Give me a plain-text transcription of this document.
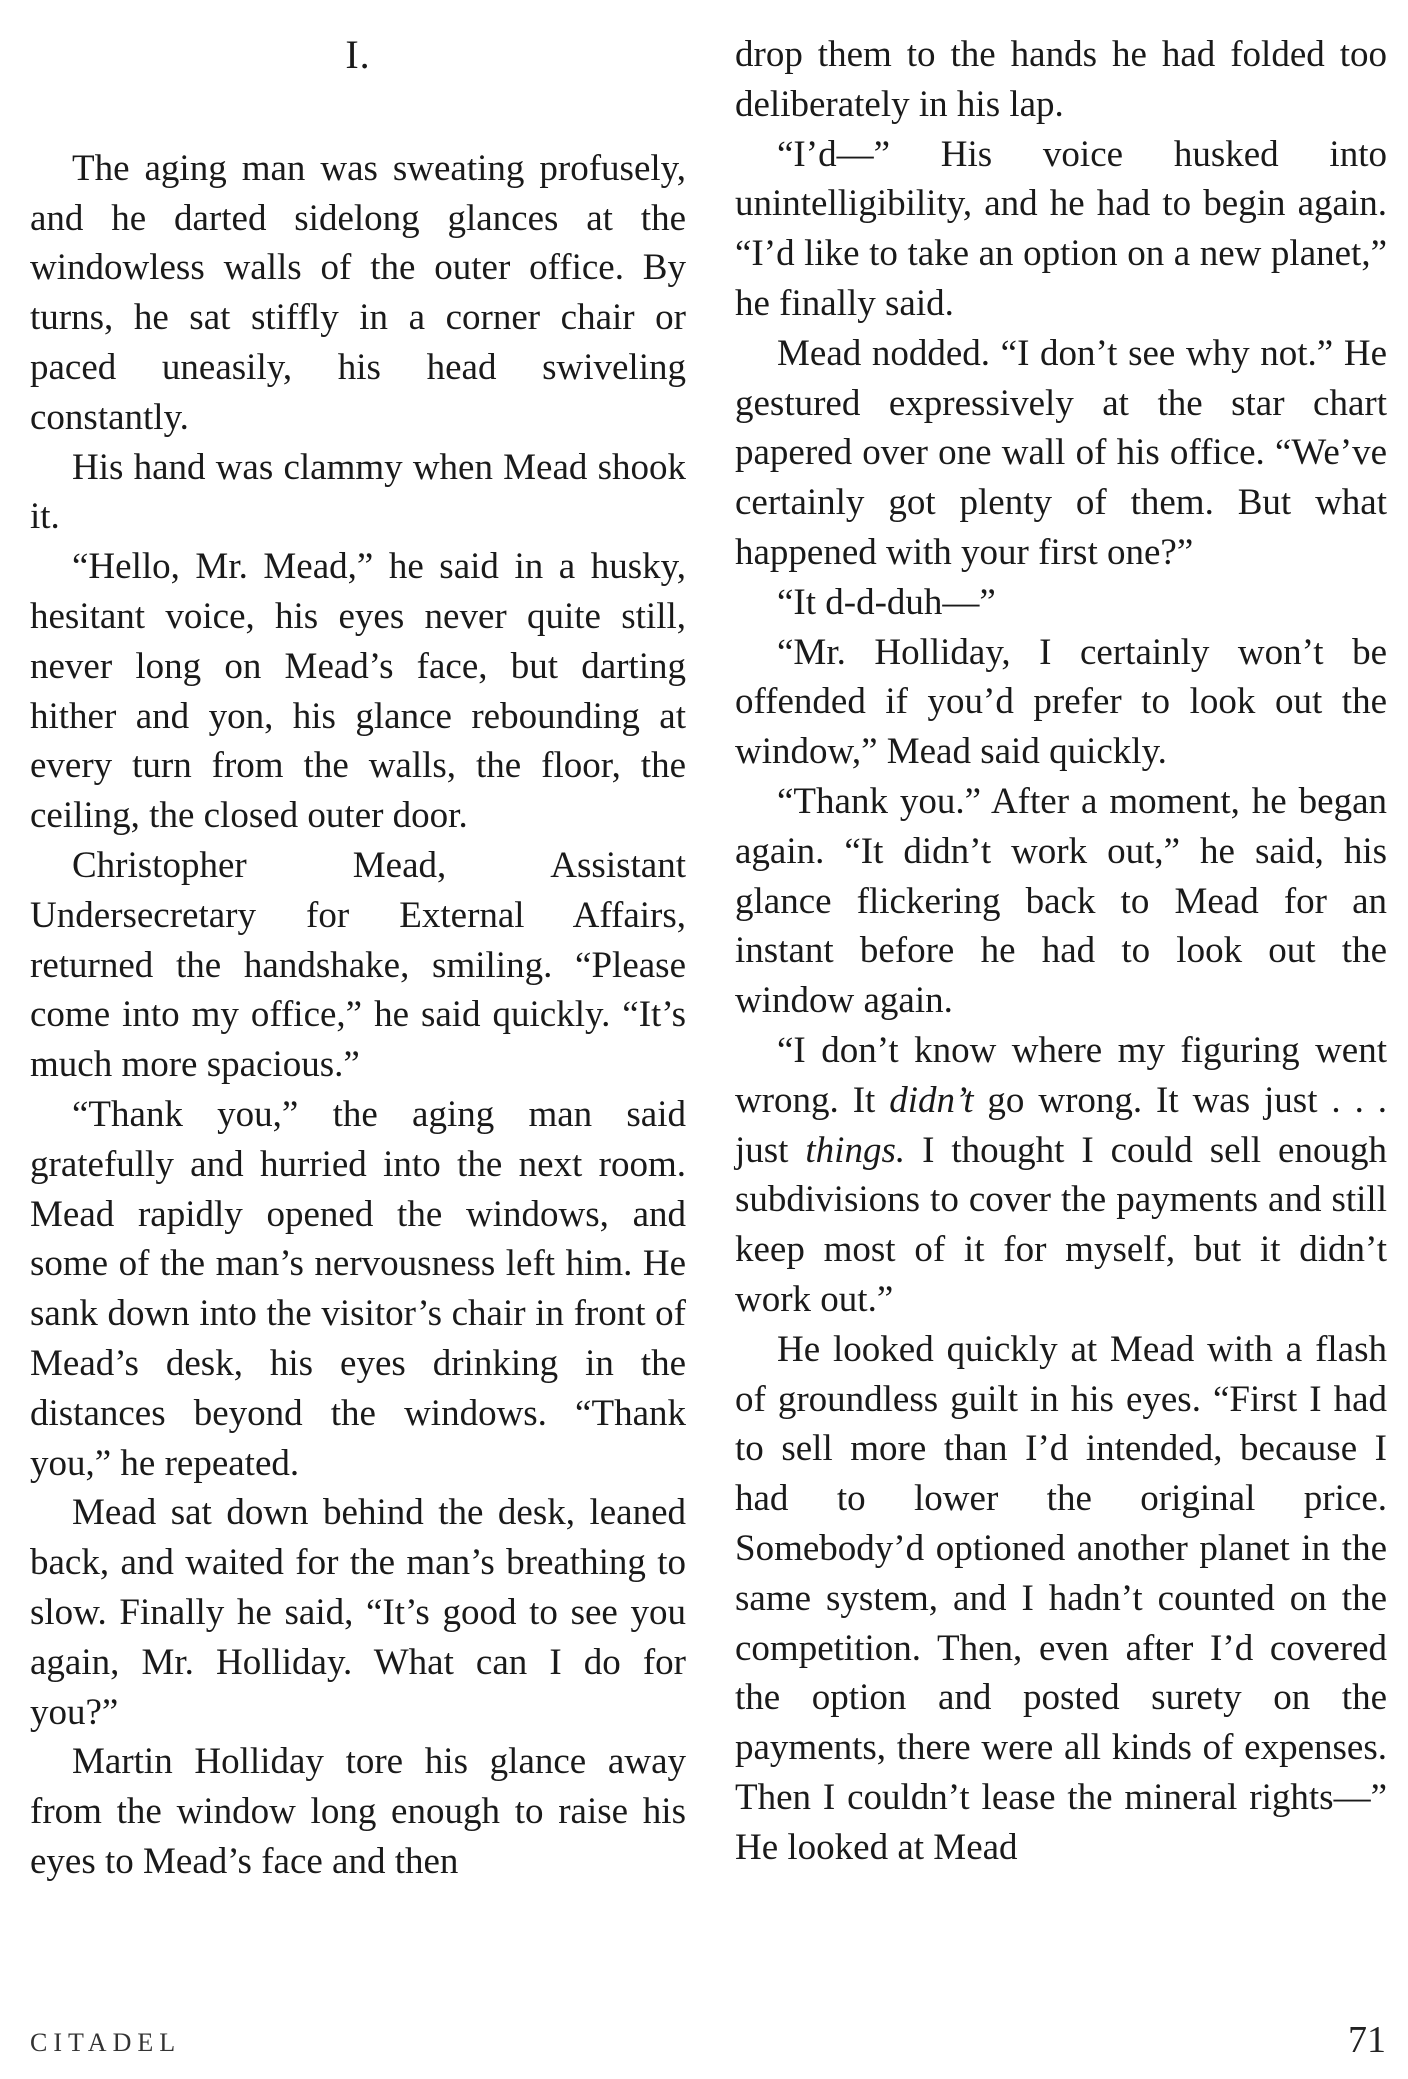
I.

The aging man was sweating profusely, and he darted sidelong glances at the windowless walls of the outer office. By turns, he sat stiffly in a corner chair or paced uneasily, his head swiveling constantly.

His hand was clammy when Mead shook it.

“Hello, Mr. Mead,” he said in a husky, hesitant voice, his eyes never quite still, never long on Mead’s face, but darting hither and yon, his glance rebounding at every turn from the walls, the floor, the ceiling, the closed outer door.

Christopher Mead, Assistant Undersecretary for External Affairs, returned the handshake, smiling. “Please come into my office,” he said quickly. “It’s much more spacious.”

“Thank you,” the aging man said gratefully and hurried into the next room. Mead rapidly opened the windows, and some of the man’s nervousness left him. He sank down into the visitor’s chair in front of Mead’s desk, his eyes drinking in the distances beyond the windows. “Thank you,” he repeated.

Mead sat down behind the desk, leaned back, and waited for the man’s breathing to slow. Finally he said, “It’s good to see you again, Mr. Holliday. What can I do for you?”

Martin Holliday tore his glance away from the window long enough to raise his eyes to Mead’s face and then

drop them to the hands he had folded too deliberately in his lap.

“I’d—” His voice husked into unintelligibility, and he had to begin again. “I’d like to take an option on a new planet,” he finally said.

Mead nodded. “I don’t see why not.” He gestured expressively at the star chart papered over one wall of his office. “We’ve certainly got plenty of them. But what happened with your first one?”

“It d-d-duh—”

“Mr. Holliday, I certainly won’t be offended if you’d prefer to look out the window,” Mead said quickly.

“Thank you.” After a moment, he began again. “It didn’t work out,” he said, his glance flickering back to Mead for an instant before he had to look out the window again.

“I don’t know where my figuring went wrong. It didn’t go wrong. It was just . . . just things. I thought I could sell enough subdivisions to cover the payments and still keep most of it for myself, but it didn’t work out.”

He looked quickly at Mead with a flash of groundless guilt in his eyes. “First I had to sell more than I’d intended, because I had to lower the original price. Somebody’d optioned another planet in the same system, and I hadn’t counted on the competition. Then, even after I’d covered the option and posted surety on the payments, there were all kinds of expenses. Then I couldn’t lease the mineral rights—” He looked at Mead

CITADEL	71
